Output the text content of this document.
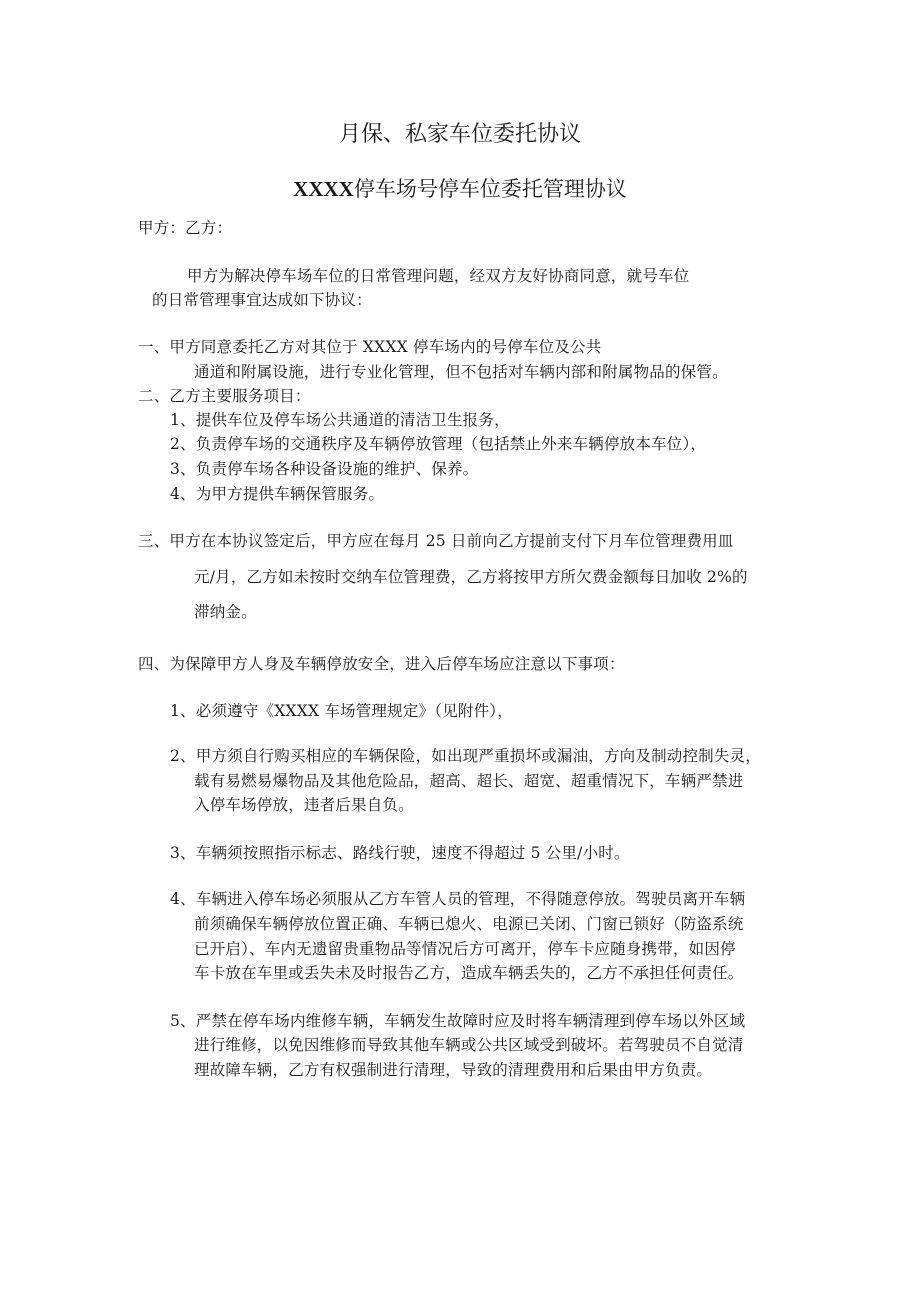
月保、私家车位委托协议
XXXX停车场号停车位委托管理协议
甲方：乙方：
甲方为解决停车场车位的日常管理问题，经双方友好协商同意，就号车位
的日常管理事宜达成如下协议：
一、甲方同意委托乙方对其位于 XXXX 停车场内的号停车位及公共
通道和附属设施，进行专业化管理，但不包括对车辆内部和附属物品的保管。
二、乙方主要服务项目：
1、提供车位及停车场公共通道的清洁卫生报务，
2、负责停车场的交通秩序及车辆停放管理（包括禁止外来车辆停放本车位），
3、负责停车场各种设备设施的维护、保养。
4、为甲方提供车辆保管服务。
三、甲方在本协议签定后，甲方应在每月 25 日前向乙方提前支付下月车位管理费用皿
元/月，乙方如未按时交纳车位管理费，乙方将按甲方所欠费金额每日加收 2%的
滞纳金。
四、为保障甲方人身及车辆停放安全，进入后停车场应注意以下事项：
1、必须遵守《XXXX 车场管理规定》（见附件），
2、甲方须自行购买相应的车辆保险，如出现严重损坏或漏油，方向及制动控制失灵，
载有易燃易爆物品及其他危险品，超高、超长、超宽、超重情况下，车辆严禁进
入停车场停放，违者后果自负。
3、车辆须按照指示标志、路线行驶，速度不得超过 5 公里/小时。
4、车辆进入停车场必须服从乙方车管人员的管理，不得随意停放。驾驶员离开车辆
前须确保车辆停放位置正确、车辆已熄火、电源已关闭、门窗已锁好（防盗系统
已开启）、车内无遗留贵重物品等情况后方可离开，停车卡应随身携带，如因停
车卡放在车里或丢失未及时报告乙方，造成车辆丢失的，乙方不承担任何责任。
5、严禁在停车场内维修车辆，车辆发生故障时应及时将车辆清理到停车场以外区域
进行维修，以免因维修而导致其他车辆或公共区域受到破坏。若驾驶员不自觉清
理故障车辆，乙方有权强制进行清理，导致的清理费用和后果由甲方负责。
